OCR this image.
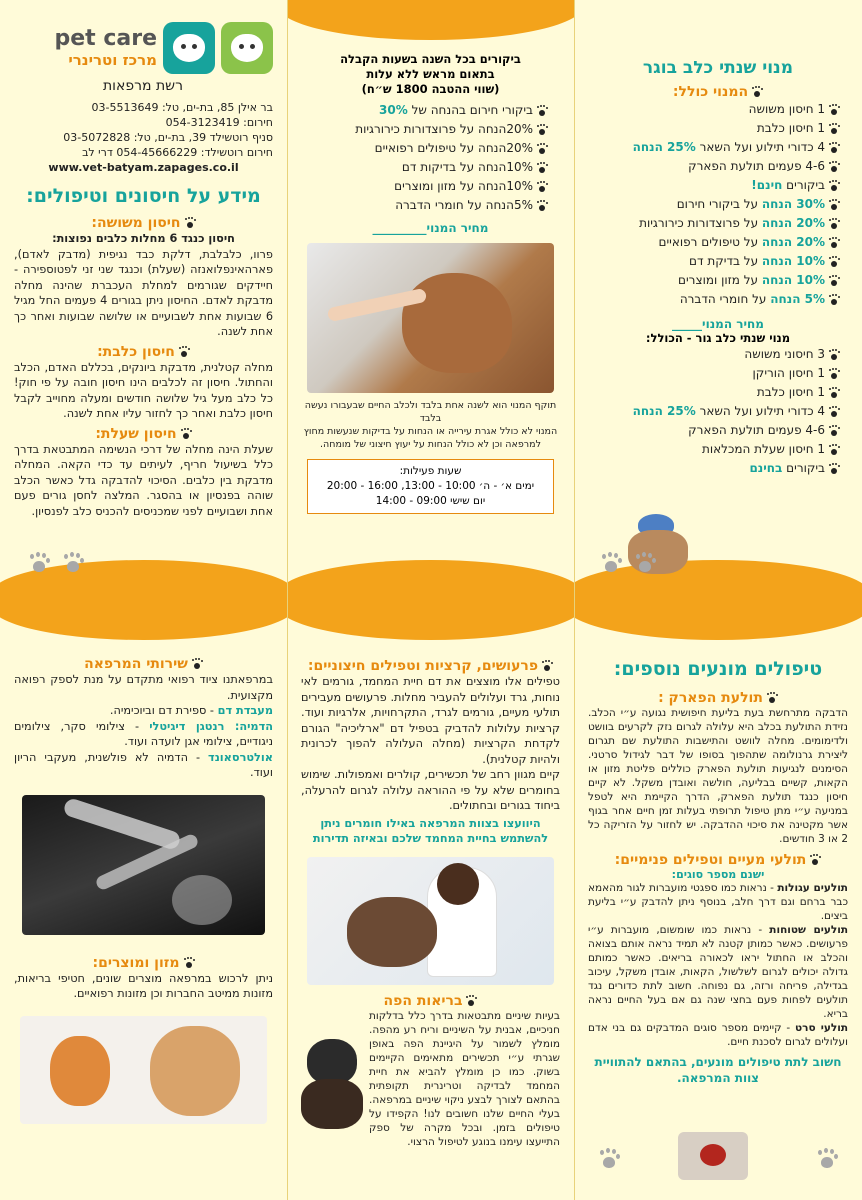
pet care
מרכז וטרינרי
רשת מרפאות
בר אילן 85, בת-ים, טל: 03-5513649
חירום: 054-3123419
סניף רוטשילד 39, בת-ים, טל: 03-5072828
חירום רוטשילד: 054-45666229 דרי לב
www.vet-batyam.zapages.co.il
מידע על חיסונים וטיפולים:
חיסון משושה:
חיסון כנגד 6 מחלות כלבים נפוצות:
פרוו, כלבלבת, דלקת כבד נגיפית (מדבק לאדם), פארהאינפלואנזה (שעלת) וכנגד שני זני לפטוספירה - חיידקים שגורמים למחלת העכברת שהינה מחלה מדבקת לאדם. החיסון ניתן בגורים 4 פעמים החל מגיל 6 שבועות אחת לשבועיים או שלושה שבועות ואחר כך אחת לשנה.
חיסון כלבת:
מחלה קטלנית, מדבקת ביונקים, בכללם האדם, הכלב והחתול. חיסון זה לכלבים הינו חיסון חובה על פי חוק! כל כלב מעל גיל שלושה חודשים ומעלה מחוייב לקבל חיסון כלבת ואחר כך לחזור עליו אחת לשנה.
חיסון שעלת:
שעלת הינה מחלה של דרכי הנשימה המתבטאת בדרך כלל בשיעול חריף, לעיתים עד כדי הקאה. המחלה מדבקת בין כלבים. הסיכוי להדבקה גדל כאשר הכלב שוהה בפנסיון או בהסגר. המלצה לחסן גורים פעם אחת ושבועיים לפני שמכניסים להכניס כלב לפנסיון.
ביקורים בכל השנה בשעות הקבלה
בתאום מראש ללא עלות
(שווי ההטבה 1800 ש״ח)
ביקורי חירום בהנחה של 30%
20%הנחה על פרוצדורות כירורגיות
20%הנחה על טיפולים רפואיים
10%הנחה על בדיקות דם
10%הנחה על מזון ומוצרים
5%הנחה על חומרי הדברה
מחיר המנוי_________
תוקף המנוי הוא לשנה אחת בלבד ולכלב החיים שבעבורו נעשה בלבד
המנוי לא כולל אגרת עירייה או הנחות על בדיקות שנעשות מחוץ למרפאה וכן לא כולל הנחות על יעוץ חיצוני של מומחה.
שעות פעילות:
ימים א׳ - ה׳ 10:00 - 13:00, 16:00 - 20:00
יום שישי 09:00 - 14:00
מנוי שנתי כלב בוגר
המנוי כולל:
1 חיסון משושה
1 חיסון כלבת
4 כדורי תילוע ועל השאר 25% הנחה
4-6 פעמים תולעת הפארק
ביקורים חינם!
30% הנחה על ביקורי חירום
20% הנחה על פרוצדורות כירורגיות
20% הנחה על טיפולים רפואיים
10% הנחה על בדיקת דם
10% הנחה על מזון ומוצרים
5% הנחה על חומרי הדברה
מחיר המנוי_____
מנוי שנתי כלב גור - הכולל:
3 חיסוני משושה
1 חיסון הוריקן
1 חיסון כלבת
4 כדורי תילוע ועל השאר 25% הנחה
4-6 פעמים תולעת הפארק
1 חיסון שעלת המכלאות
ביקורים בחינם
שירותי המרפאה
במרפאתנו ציוד רפואי מתקדם על מנת לספק רפואה מקצועית.
מעבדת דם - ספירת דם וביוכימיה.
הדמיה: רנטגן דיגיטלי - צילומי סקר, צילומים ניגודיים, צילומי אגן לועדה ועוד.
אולטרסאונד - הדמיה לא פולשנית, מעקבי הריון ועוד.
מזון ומוצרים:
ניתן לרכוש במרפאה מוצרים שונים, חטיפי בריאות, מזונות ממיטב החברות וכן מזונות רפואיים.
פרעושים, קרציות וטפילים חיצוניים:
טפילים אלו מוצצים את דם חיית המחמד, גורמים לאי נוחות, גרד ועלולים להעביר מחלות. פרעושים מעבירים תולעי מעיים, גורמים לגרד, התקרחויות, אלרגיות ועוד. קרציות עלולות להדביק בטפיל דם "ארליכיה" הגורם לקדחת הקרציות (מחלה העלולה להפוך לכרונית ולהיות קטלנית).
קיים מגוון רחב של תכשירים, קולרים ואמפולות. שימוש בחומרים שלא על פי ההוראה עלולה לגרום להרעלה, ביחוד בגורים ובחתולים.
היוועצו בצוות המרפאה באילו חומרים ניתן להשתמש בחיית המחמד שלכם ובאיזה תדירות
בריאות הפה
בעיות שיניים מתבטאות בדרך כלל בדלקות חניכיים, אבנית על השיניים וריח רע מהפה. מומלץ לשמור על היגיינת הפה באופן שגרתי ע״י תכשירים מתאימים הקיימים בשוק. כמו כן מומלץ להביא את חיית המחמד לבדיקה וטרינרית תקופתית בהתאם לצורך לבצע ניקוי שיניים במרפאה. בעלי החיים שלנו חשובים לנו! הקפידו על טיפולים בזמן. ובכל מקרה של ספק התייעצו עימנו בנוגע לטיפול הרצוי.
טיפולים מונעים נוספים:
תולעת הפארק :
הדבקה מתרחשת בעת בליעת חיפושית נגועה ע״י הכלב. נזידת התולעת בכלב היא עלולה לגרום נזק לקרעים בוושט ולדימומים. מחלה לוושט והתישבות התולעת שם תגרום ליצירת גרנולומה שתהפוך בסופו של דבר לגידול סרטני. הסימנים לנגיעות תולעת הפארק כוללים פליטת מזון או הקאות, קשיים בבליעה, חולשה ואובדן משקל. לא קיים חיסון כנגד תולעת הפארק, הדרך הקיימת היא לטפל במניעה ע״י מתן טיפול תרופתי בעלות זמן חיים אחר בגוף אשר מקטינה את סיכוי ההדבקה. יש לחזור על הזריקה כל 2 או 3 חודשים.
תולעי מעיים וטפילים פנימיים:
ישנם מספר סוגים:
תולעים עגולות - נראות כמו ספגטי מועברות לגור מהאמא כבר ברחם וגם דרך חלב, בנוסף ניתן להדבק ע״י בליעת ביצים.
תולעים שטוחות - נראות כמו שומשום, מועברות ע״י פרעושים. כאשר כמותן קטנה לא תמיד נראה אותם בצואה והכלב או החתול יראו לכאורה בריאים. כאשר כמותם גדולה יכולים לגרום לשלשול, הקאות, אובדן משקל, עיכוב בגדילה, פריחה ורזה, גם נפוחה. חשוב לתת כדורים נגד תולעים לפחות פעם בחצי שנה גם אם בעל החיים נראה בריא.
תולעי סרט - קיימים מספר סוגים המדבקים גם בני אדם ועלולים לגרום לסכנת חיים.
חשוב לתת טיפולים מונעים, בהתאם להתוויית צוות המרפאה.
